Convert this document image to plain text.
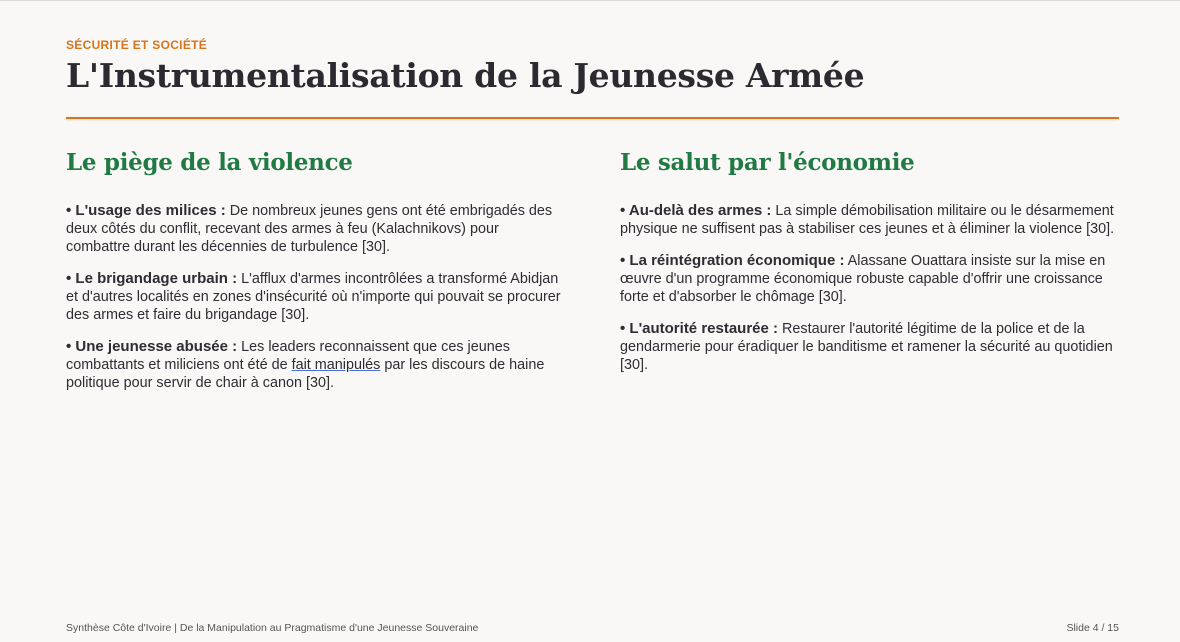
SÉCURITÉ ET SOCIÉTÉ
L'Instrumentalisation de la Jeunesse Armée
Le piège de la violence
• L'usage des milices : De nombreux jeunes gens ont été embrigadés des deux côtés du conflit, recevant des armes à feu (Kalachnikovs) pour combattre durant les décennies de turbulence [30].
• Le brigandage urbain : L'afflux d'armes incontrôlées a transformé Abidjan et d'autres localités en zones d'insécurité où n'importe qui pouvait se procurer des armes et faire du brigandage [30].
• Une jeunesse abusée : Les leaders reconnaissent que ces jeunes combattants et miliciens ont été de fait manipulés par les discours de haine politique pour servir de chair à canon [30].
Le salut par l'économie
• Au-delà des armes : La simple démobilisation militaire ou le désarmement physique ne suffisent pas à stabiliser ces jeunes et à éliminer la violence [30].
• La réintégration économique : Alassane Ouattara insiste sur la mise en œuvre d'un programme économique robuste capable d'offrir une croissance forte et d'absorber le chômage [30].
• L'autorité restaurée : Restaurer l'autorité légitime de la police et de la gendarmerie pour éradiquer le banditisme et ramener la sécurité au quotidien [30].
Synthèse Côte d'Ivoire | De la Manipulation au Pragmatisme d'une Jeunesse Souveraine	Slide 4 / 15
